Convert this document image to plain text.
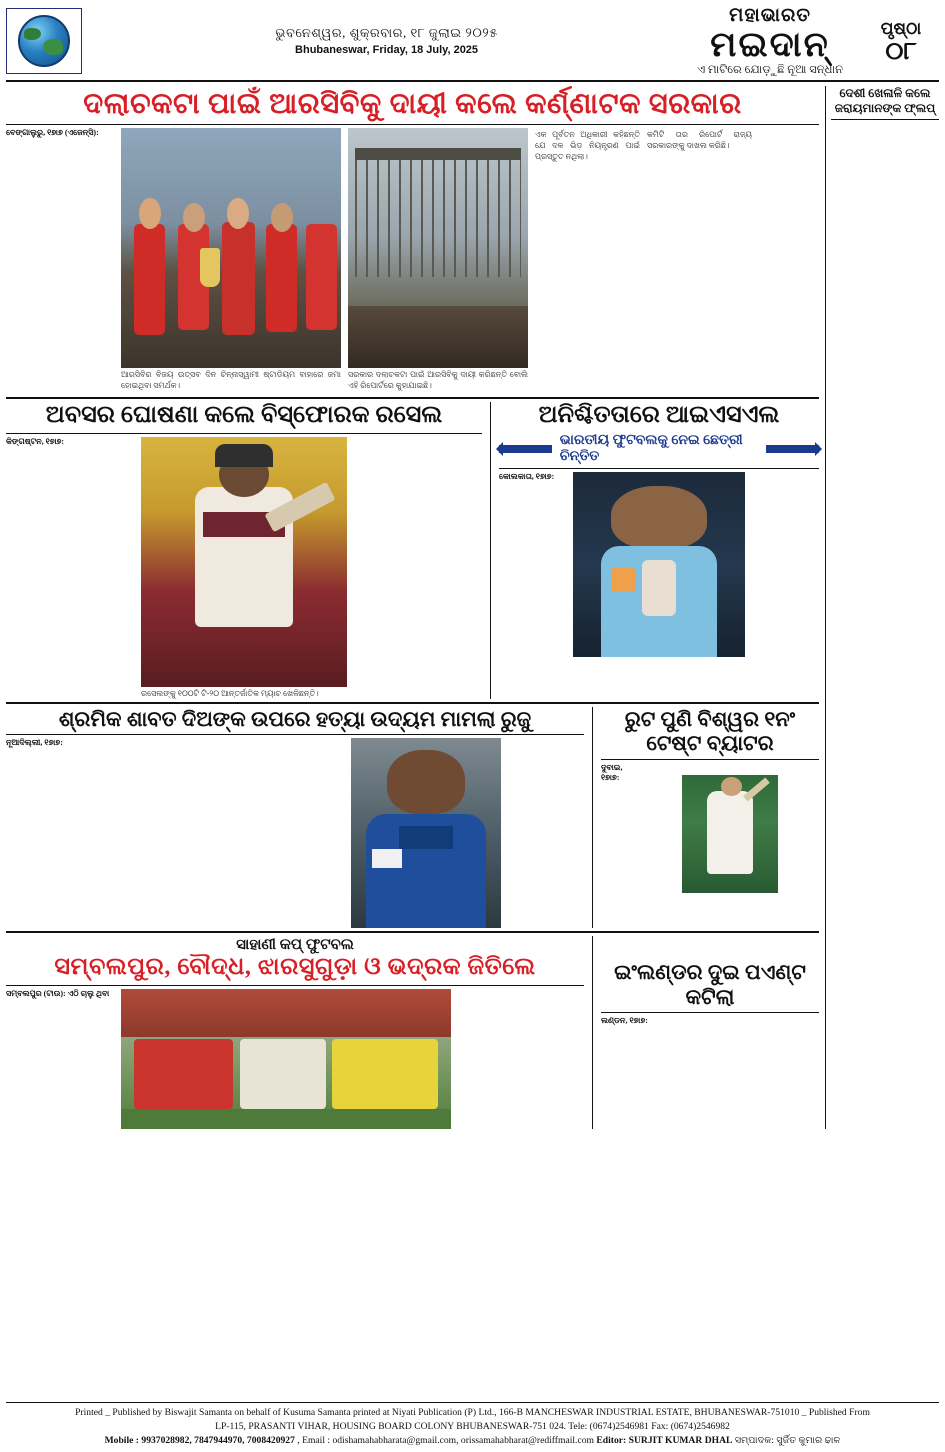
ଭୁବନେଶ୍ୱର, ଶୁକ୍ରବାର, ୧୮ ଜୁଲାଇ ୨୦୨୫
Bhubaneswar, Friday, 18 July, 2025
ମହାଭାରତ
ମଇଦାନ୍
ଏ ମାଟିରେ ଯୋଡ଼ୁଛି ନୂଆ ସନ୍ଧାନ
ପୃଷ୍ଠା
୦୮
ଦଲାଚକଟା ପାଇଁ ଆରସିବିକୁ ଦାୟୀ କଲେ କର୍ଣ୍ଣାଟକ ସରକାର
ବେଙ୍ଗାଲୁରୁ, ୧୭ା୭ (ଏଜେନ୍ସି):
ଆରସିବିର ବିଜୟ ଉତ୍ସବ ଦିନ ଚିନ୍ନାସ୍ୱାମୀ ଷ୍ଟାଡିୟମ ବାହାରେ ଜମା ହୋଇଥିବା ସମର୍ଥକ।
ସରକାର ଦଲାଚକଟା ପାଇଁ ଆରସିବିକୁ ଦାୟୀ କରିଛନ୍ତି ବୋଲି ଏହି ରିପୋର୍ଟରେ କୁହାଯାଇଛି।
ଏକ ପୂର୍ବତନ ଅଧିକାରୀ କହିଛନ୍ତି ଯେ ଦଳ ଭିଡ଼ ନିୟନ୍ତ୍ରଣ ପାଇଁ ପ୍ରସ୍ତୁତ ନଥିଲା।
କମିଟି ତାର ରିପୋର୍ଟ ରାଜ୍ୟ ସରକାରଙ୍କୁ ଦାଖଲ କରିଛି।
ଅବସର ଘୋଷଣା କଲେ ବିସ୍ଫୋରକ ରସେଲ
କିଙ୍ଗଷ୍ଟନ, ୧୭ା୭:
ରସେଲଙ୍କୁ ୧୦୦ଟି ଟି-୨୦ ଆନ୍ତର୍ଜାତିକ ମ୍ୟାଚ ଖେଳିଛନ୍ତି।
ଅନିଶ୍ଚିତତାରେ ଆଇଏସଏଲ
ଭାରତୀୟ ଫୁଟବଲକୁ ନେଇ ଛେତ୍ରୀ ଚିନ୍ତିତ
କୋଲକାତା, ୧୭ା୭:
ଶ୍ରମିକ ଶାବତ ଦିଅଙ୍କ ଉପରେ ହତ୍ୟା ଉଦ୍ୟମ ମାମଲା ରୁଜୁ
ନୂଆଦିଲ୍ଲୀ, ୧୭ା୭:
ରୁଟ ପୁଣି ବିଶ୍ୱର ୧ନଂ ଟେଷ୍ଟ ବ୍ୟାଟର
ଦୁବାଇ, ୧୭ା୭:
ସାହାଣୀ କପ୍ ଫୁଟବଲ
ସମ୍ବଲପୁର, ବୌଦ୍ଧ, ଝାରସୁଗୁଡ଼ା ଓ ଭଦ୍ରକ ଜିତିଲେ
ସମ୍ବଲପୁର (ଟାଉ): ଏଠି ଚାଲୁ ଥିବା
ଇଂଲଣ୍ଡର ଦୁଇ ପଏଣ୍ଟ କଟିଲା
ଲଣ୍ଡନ, ୧୭ା୭:
ଦେଶୀ ଖେଳାଳି କଲେ ଜରାୟମାନଙ୍କ ଫ୍ଲପ୍
Printed _ Published by Biswajit Samanta on behalf of Kusuma Samanta printed at Niyati Publication (P) Ltd., 166-B MANCHESWAR INDUSTRIAL ESTATE, BHUBANESWAR-751010 _ Published From
LP-115, PRASANTI VIHAR, HOUSING BOARD COLONY BHUBANESWAR-751 024. Tele: (0674)2546981 Fax: (0674)2546982
Mobile : 9937028982, 7847944970, 7008420927 , Email : odishamahabharata@gmail.com, orissamahabharat@rediffmail.com Editor: SURJIT KUMAR DHAL ସମ୍ପାଦକ: ସୁର୍ଜିତ କୁମାର ଢାଳ
